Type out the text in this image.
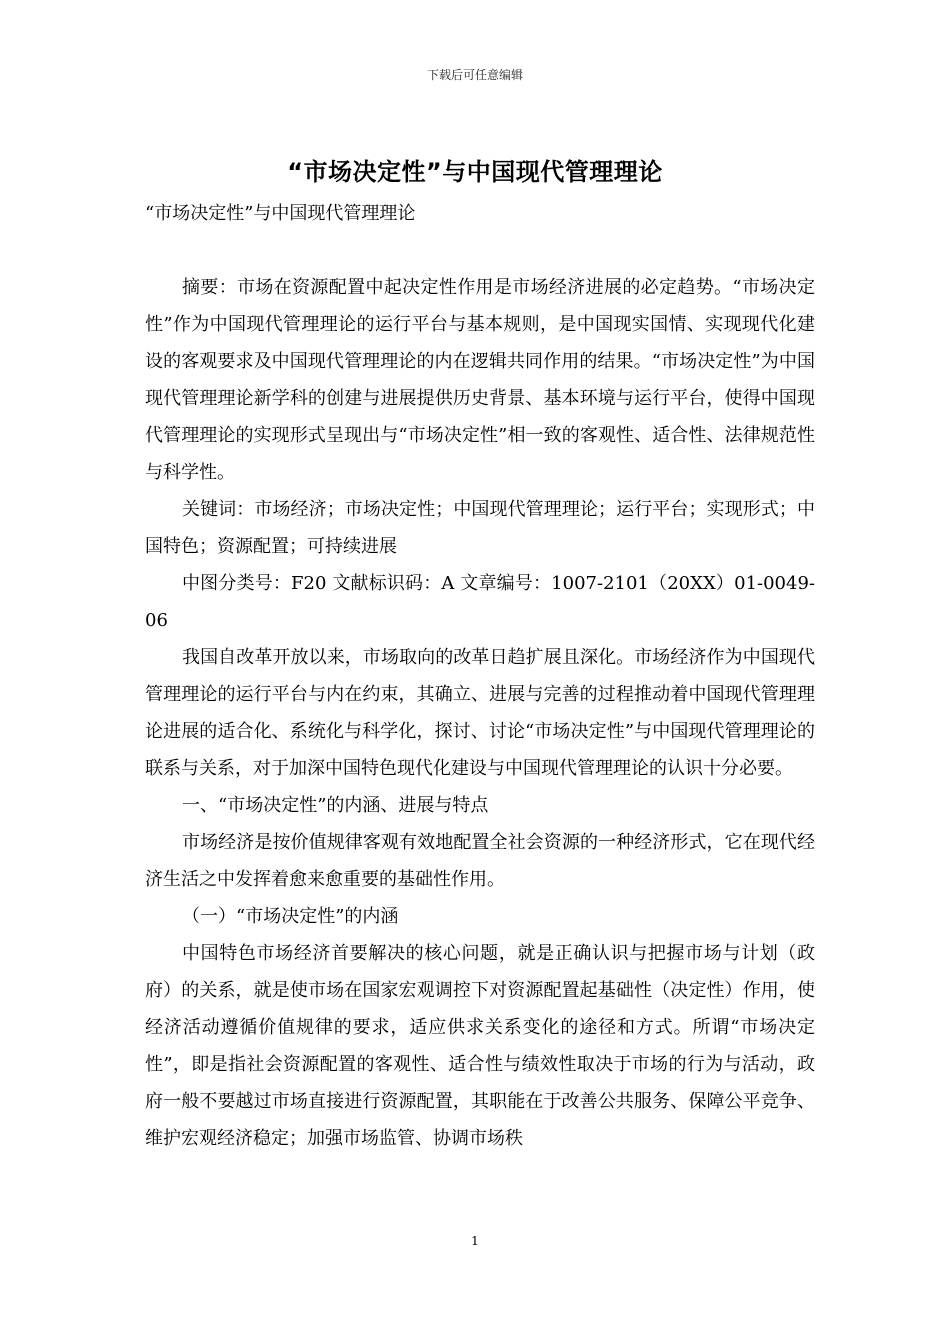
下载后可任意编辑
“市场决定性”与中国现代管理理论

“市场决定性”与中国现代管理理论

摘要：市场在资源配置中起决定性作用是市场经济进展的必定趋势。“市场决定性”作为中国现代管理理论的运行平台与基本规则，是中国现实国情、实现现代化建设的客观要求及中国现代管理理论的内在逻辑共同作用的结果。“市场决定性”为中国现代管理理论新学科的创建与进展提供历史背景、基本环境与运行平台，使得中国现代管理理论的实现形式呈现出与“市场决定性”相一致的客观性、适合性、法律规范性与科学性。

关键词：市场经济；市场决定性；中国现代管理理论；运行平台；实现形式；中国特色；资源配置；可持续进展

中图分类号：F20 文献标识码：A 文章编号：1007-2101（20XX）01-0049-06

我国自改革开放以来，市场取向的改革日趋扩展且深化。市场经济作为中国现代管理理论的运行平台与内在约束，其确立、进展与完善的过程推动着中国现代管理理论进展的适合化、系统化与科学化，探讨、讨论“市场决定性”与中国现代管理理论的联系与关系，对于加深中国特色现代化建设与中国现代管理理论的认识十分必要。

一、“市场决定性”的内涵、进展与特点

市场经济是按价值规律客观有效地配置全社会资源的一种经济形式，它在现代经济生活之中发挥着愈来愈重要的基础性作用。

（一）“市场决定性”的内涵

中国特色市场经济首要解决的核心问题，就是正确认识与把握市场与计划（政府）的关系，就是使市场在国家宏观调控下对资源配置起基础性（决定性）作用，使经济活动遵循价值规律的要求，适应供求关系变化的途径和方式。所谓“市场决定性”，即是指社会资源配置的客观性、适合性与绩效性取决于市场的行为与活动，政府一般不要越过市场直接进行资源配置，其职能在于改善公共服务、保障公平竞争、维护宏观经济稳定；加强市场监管、协调市场秩

1
